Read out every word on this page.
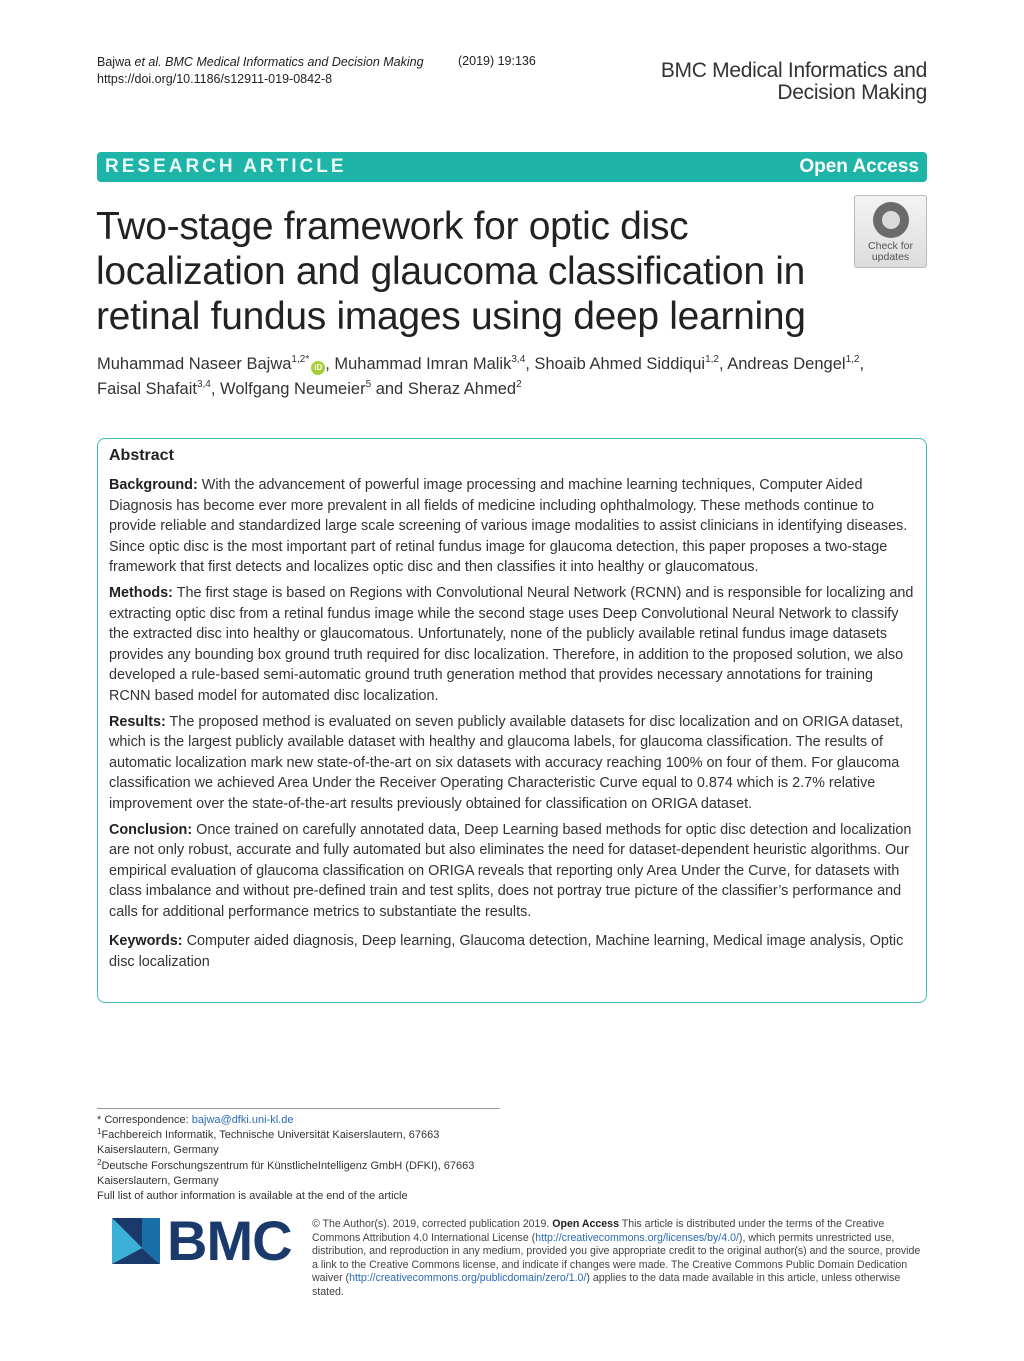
Bajwa et al. BMC Medical Informatics and Decision Making
https://doi.org/10.1186/s12911-019-0842-8
(2019) 19:136	BMC Medical Informatics and
Decision Making
RESEARCH ARTICLE	Open Access
Two-stage framework for optic disc localization and glaucoma classification in retinal fundus images using deep learning
Check for
updates
Muhammad Naseer Bajwa$^{1,2*}$iD , Muhammad Imran Malik$^{3,4}$, Shoaib Ahmed Siddiqui$^{1,2}$, Andreas Dengel$^{1,2}$,
Faisal Shafait$^{3,4}$, Wolfgang Neumeier$^5$ and Sheraz Ahmed$^2$
Abstract

Background: With the advancement of powerful image processing and machine learning techniques, Computer Aided Diagnosis has become ever more prevalent in all fields of medicine including ophthalmology. These methods continue to provide reliable and standardized large scale screening of various image modalities to assist clinicians in identifying diseases. Since optic disc is the most important part of retinal fundus image for glaucoma detection, this paper proposes a two-stage framework that first detects and localizes optic disc and then classifies it into healthy or glaucomatous.

Methods: The first stage is based on Regions with Convolutional Neural Network (RCNN) and is responsible for localizing and extracting optic disc from a retinal fundus image while the second stage uses Deep Convolutional Neural Network to classify the extracted disc into healthy or glaucomatous. Unfortunately, none of the publicly available retinal fundus image datasets provides any bounding box ground truth required for disc localization. Therefore, in addition to the proposed solution, we also developed a rule-based semi-automatic ground truth generation method that provides necessary annotations for training RCNN based model for automated disc localization.

Results: The proposed method is evaluated on seven publicly available datasets for disc localization and on ORIGA dataset, which is the largest publicly available dataset with healthy and glaucoma labels, for glaucoma classification. The results of automatic localization mark new state-of-the-art on six datasets with accuracy reaching 100% on four of them. For glaucoma classification we achieved Area Under the Receiver Operating Characteristic Curve equal to 0.874 which is 2.7% relative improvement over the state-of-the-art results previously obtained for classification on ORIGA dataset.

Conclusion: Once trained on carefully annotated data, Deep Learning based methods for optic disc detection and localization are not only robust, accurate and fully automated but also eliminates the need for dataset-dependent heuristic algorithms. Our empirical evaluation of glaucoma classification on ORIGA reveals that reporting only Area Under the Curve, for datasets with class imbalance and without pre-defined train and test splits, does not portray true picture of the classifier’s performance and calls for additional performance metrics to substantiate the results.

Keywords: Computer aided diagnosis, Deep learning, Glaucoma detection, Machine learning, Medical image analysis, Optic disc localization

* Correspondence: bajwa@dfki.uni-kl.de
$^1$Fachbereich Informatik, Technische Universität Kaiserslautern, 67663 Kaiserslautern, Germany
$^2$Deutsche Forschungszentrum für KünstlicheIntelligenz GmbH (DFKI), 67663 Kaiserslautern, Germany
Full list of author information is available at the end of the article
BMC © The Author(s). 2019, corrected publication 2019. Open Access This article is distributed under the terms of the Creative Commons Attribution 4.0 International License (http://creativecommons.org/licenses/by/4.0/), which permits unrestricted use, distribution, and reproduction in any medium, provided you give appropriate credit to the original author(s) and the source, provide a link to the Creative Commons license, and indicate if changes were made. The Creative Commons Public Domain Dedication waiver (http://creativecommons.org/publicdomain/zero/1.0/) applies to the data made available in this article, unless otherwise stated.
